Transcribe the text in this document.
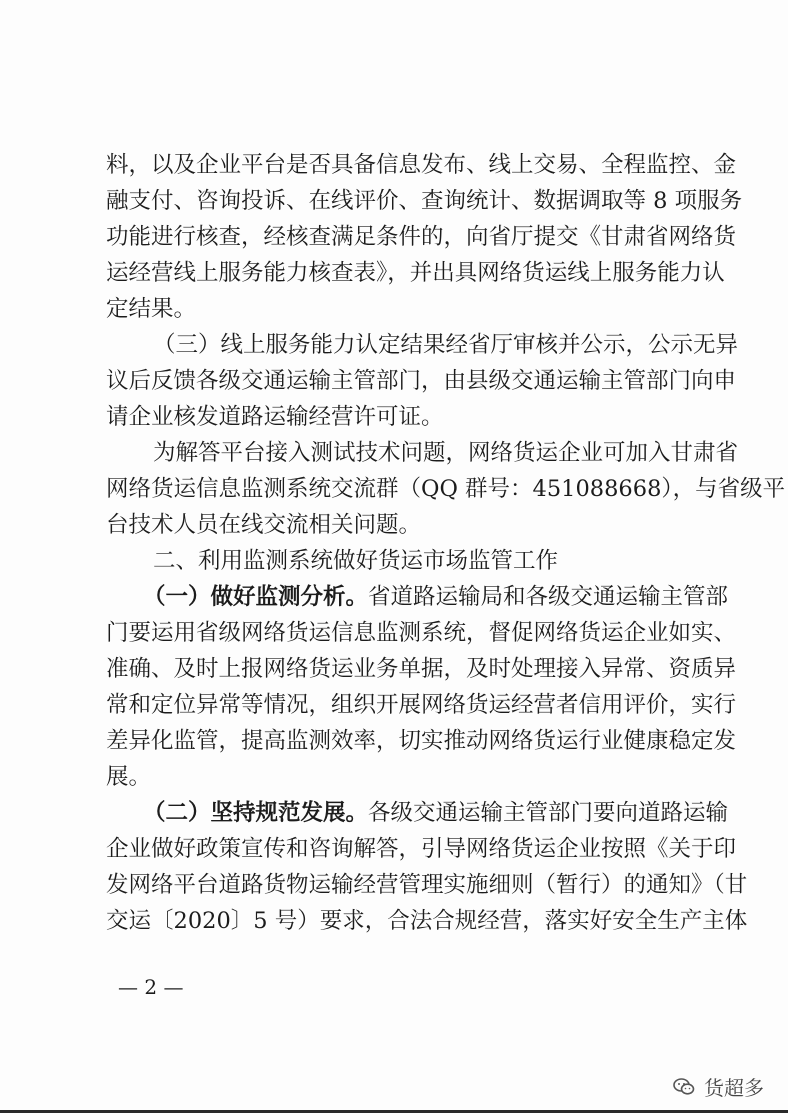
料，以及企业平台是否具备信息发布、线上交易、全程监控、金
融支付、咨询投诉、在线评价、查询统计、数据调取等 8 项服务
功能进行核查，经核查满足条件的，向省厅提交《甘肃省网络货
运经营线上服务能力核查表》，并出具网络货运线上服务能力认
定结果。
（三）线上服务能力认定结果经省厅审核并公示，公示无异
议后反馈各级交通运输主管部门，由县级交通运输主管部门向申
请企业核发道路运输经营许可证。
为解答平台接入测试技术问题，网络货运企业可加入甘肃省
网络货运信息监测系统交流群（QQ 群号：451088668），与省级平
台技术人员在线交流相关问题。
二、利用监测系统做好货运市场监管工作
（一）做好监测分析。省道路运输局和各级交通运输主管部
门要运用省级网络货运信息监测系统，督促网络货运企业如实、
准确、及时上报网络货运业务单据，及时处理接入异常、资质异
常和定位异常等情况，组织开展网络货运经营者信用评价，实行
差异化监管，提高监测效率，切实推动网络货运行业健康稳定发
展。
（二）坚持规范发展。各级交通运输主管部门要向道路运输
企业做好政策宣传和咨询解答，引导网络货运企业按照《关于印
发网络平台道路货物运输经营管理实施细则（暂行）的通知》（甘
交运〔2020〕5 号）要求，合法合规经营，落实好安全生产主体
— 2 —
货超多
